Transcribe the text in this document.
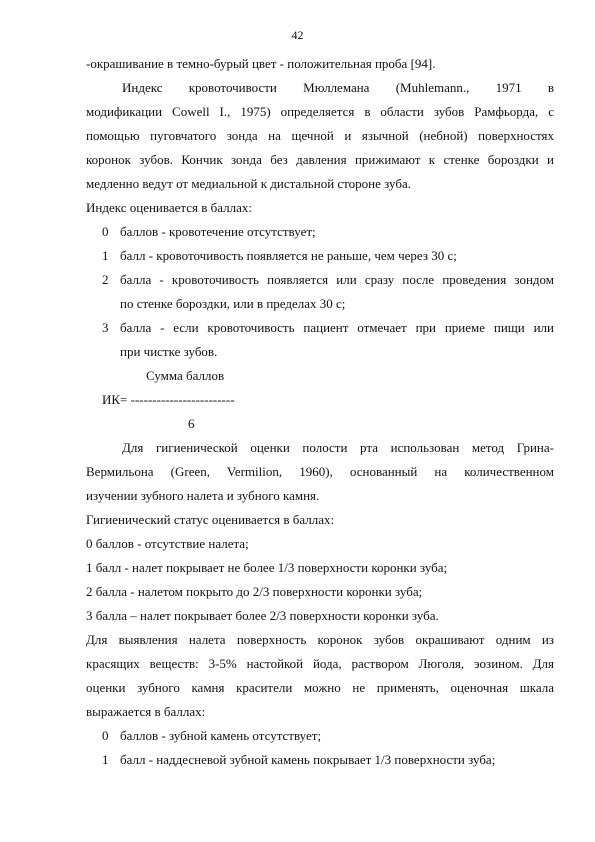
42

-окрашивание в темно-бурый цвет - положительная проба [94].

Индекс кровоточивости Мюллемана (Muhlemann., 1971 в

модификации Cowell I., 1975) определяется в области зубов Рамфьорда, с

помощью пуговчатого зонда на щечной и язычной (небной) поверхностях

коронок зубов. Кончик зонда без давления прижимают к стенке бороздки и

медленно ведут от медиальной к дистальной стороне зуба.

Индекс оценивается в баллах:

0 баллов - кровотечение отсутствует;
1 балл - кровоточивость появляется не раньше, чем через 30 с;
2 балла - кровоточивость появляется или сразу после проведения зондом

по стенке бороздки, или в пределах 30 с;

3 балла - если кровоточивость пациент отмечает при приеме пищи или

при чистке зубов.

Сумма баллов

ИК= ------------------------

6

Для гигиенической оценки полости рта использован метод Грина-

Вермильона (Green, Vermilion, 1960), основанный на количественном

изучении зубного налета и зубного камня.

Гигиенический статус оценивается в баллах:

0 баллов - отсутствие налета;

1 балл - налет покрывает не более 1/3 поверхности коронки зуба;

2 балла - налетом покрыто до 2/3 поверхности коронки зуба;

3 балла – налет покрывает более 2/3 поверхности коронки зуба.

Для выявления налета поверхность коронок зубов окрашивают одним из

красящих веществ: 3-5% настойкой йода, раствором Люголя, эозином. Для

оценки зубного камня красители можно не применять, оценочная шкала

выражается в баллах:

0 баллов - зубной камень отсутствует;
1 балл - наддесневой зубной камень покрывает 1/3 поверхности зуба;
